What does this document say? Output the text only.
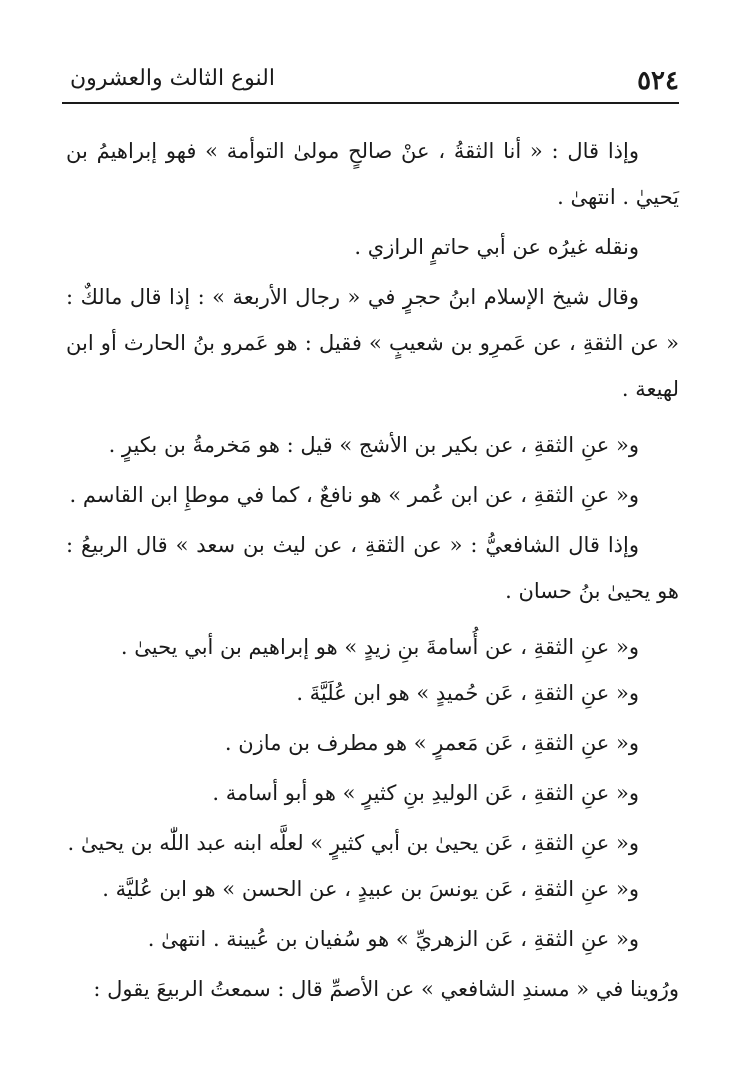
٥٢٤
النوع الثالث والعشرون

وإذا قال : « أنا الثقةُ ، عنْ صالحٍ مولىٰ التوأمة » فهو إبراهيمُ بن يَحييٰ . انتهىٰ .

ونقله غيرُه عن أبي حاتمٍ الرازي .

وقال شيخ الإسلام ابنُ حجرٍ في « رجال الأربعة » : إذا قال مالكٌ : « عن الثقةِ ، عن عَمرِو بن شعيبٍ » فقيل : هو عَمرو بنُ الحارث أو ابن لهيعة .

و« عنِ الثقةِ ، عن بكير بن الأشج » قيل : هو مَخرمةُ بن بكيرٍ .

و« عنِ الثقةِ ، عن ابن عُمر » هو نافعٌ ، كما في موطإِ ابن القاسم .

وإذا قال الشافعيُّ : « عن الثقةِ ، عن ليث بن سعد » قال الربيعُ : هو يحيىٰ بنُ حسان .

و« عنِ الثقةِ ، عن أُسامةَ بنِ زيدٍ » هو إبراهيم بن أبي يحيىٰ .

و« عنِ الثقةِ ، عَن حُميدٍ » هو ابن عُلَيَّةَ .

و« عنِ الثقةِ ، عَن مَعمرٍ » هو مطرف بن مازن .

و« عنِ الثقةِ ، عَن الوليدِ بنِ كثيرٍ » هو أبو أسامة .

و« عنِ الثقةِ ، عَن يحيىٰ بن أبي كثيرٍ » لعلَّه ابنه عبد اللّٰه بن يحيىٰ .

و« عنِ الثقةِ ، عَن يونسَ بن عبيدٍ ، عن الحسن » هو ابن عُليَّة .

و« عنِ الثقةِ ، عَن الزهريِّ » هو سُفيان بن عُيينة . انتهىٰ .

ورُوينا في « مسندِ الشافعي » عن الأصمِّ قال : سمعتُ الربيعَ يقول :
